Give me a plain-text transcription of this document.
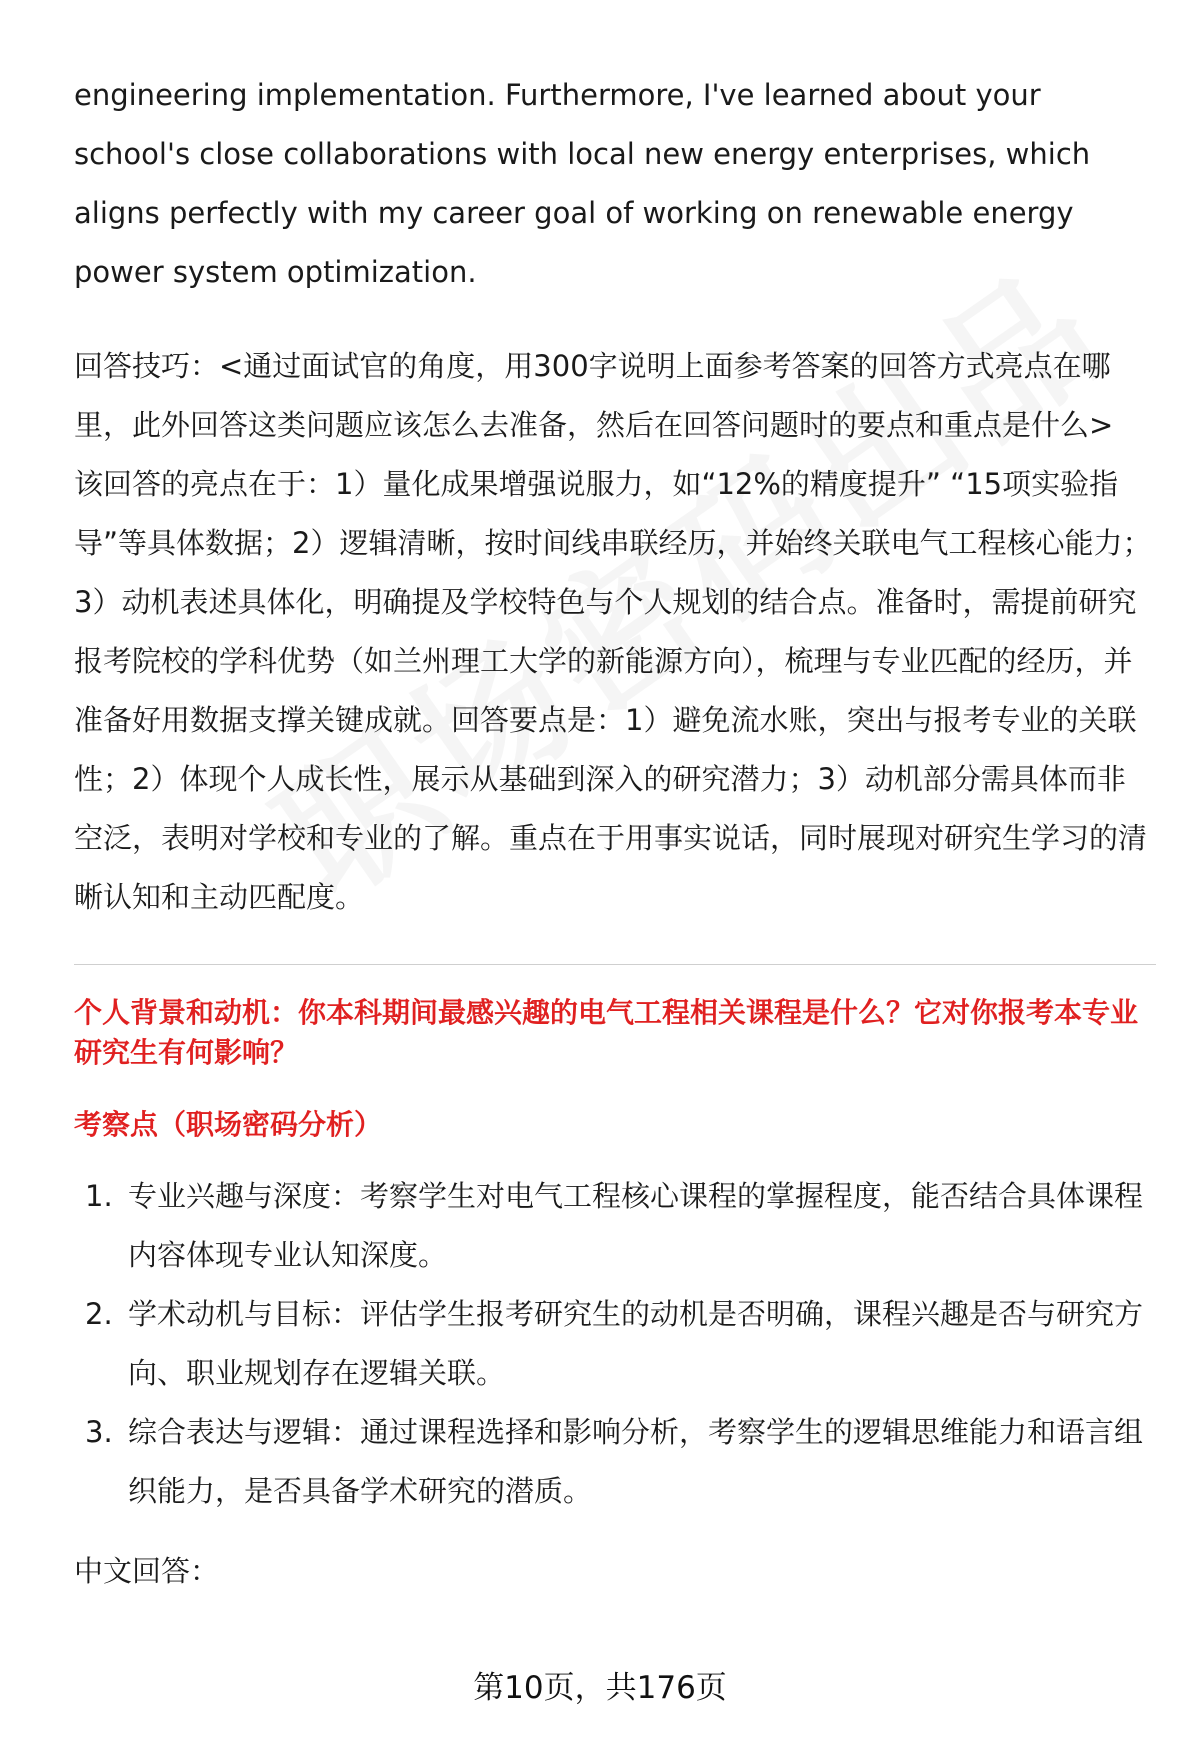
engineering implementation. Furthermore, I've learned about your school's close collaborations with local new energy enterprises, which aligns perfectly with my career goal of working on renewable energy power system optimization.

回答技巧：<通过面试官的角度，用300字说明上面参考答案的回答方式亮点在哪里，此外回答这类问题应该怎么去准备，然后在回答问题时的要点和重点是什么>
该回答的亮点在于：1）量化成果增强说服力，如“12%的精度提升” “15项实验指导”等具体数据；2）逻辑清晰，按时间线串联经历，并始终关联电气工程核心能力；3）动机表述具体化，明确提及学校特色与个人规划的结合点。准备时，需提前研究报考院校的学科优势（如兰州理工大学的新能源方向），梳理与专业匹配的经历，并准备好用数据支撑关键成就。回答要点是：1）避免流水账，突出与报考专业的关联性；2）体现个人成长性，展示从基础到深入的研究潜力；3）动机部分需具体而非空泛，表明对学校和专业的了解。重点在于用事实说话，同时展现对研究生学习的清晰认知和主动匹配度。

个人背景和动机：你本科期间最感兴趣的电气工程相关课程是什么？它对你报考本专业研究生有何影响？

考察点（职场密码分析）

1. 专业兴趣与深度：考察学生对电气工程核心课程的掌握程度，能否结合具体课程内容体现专业认知深度。
2. 学术动机与目标：评估学生报考研究生的动机是否明确，课程兴趣是否与研究方向、职业规划存在逻辑关联。
3. 综合表达与逻辑：通过课程选择和影响分析，考察学生的逻辑思维能力和语言组织能力，是否具备学术研究的潜质。

中文回答：

第10页，共176页
